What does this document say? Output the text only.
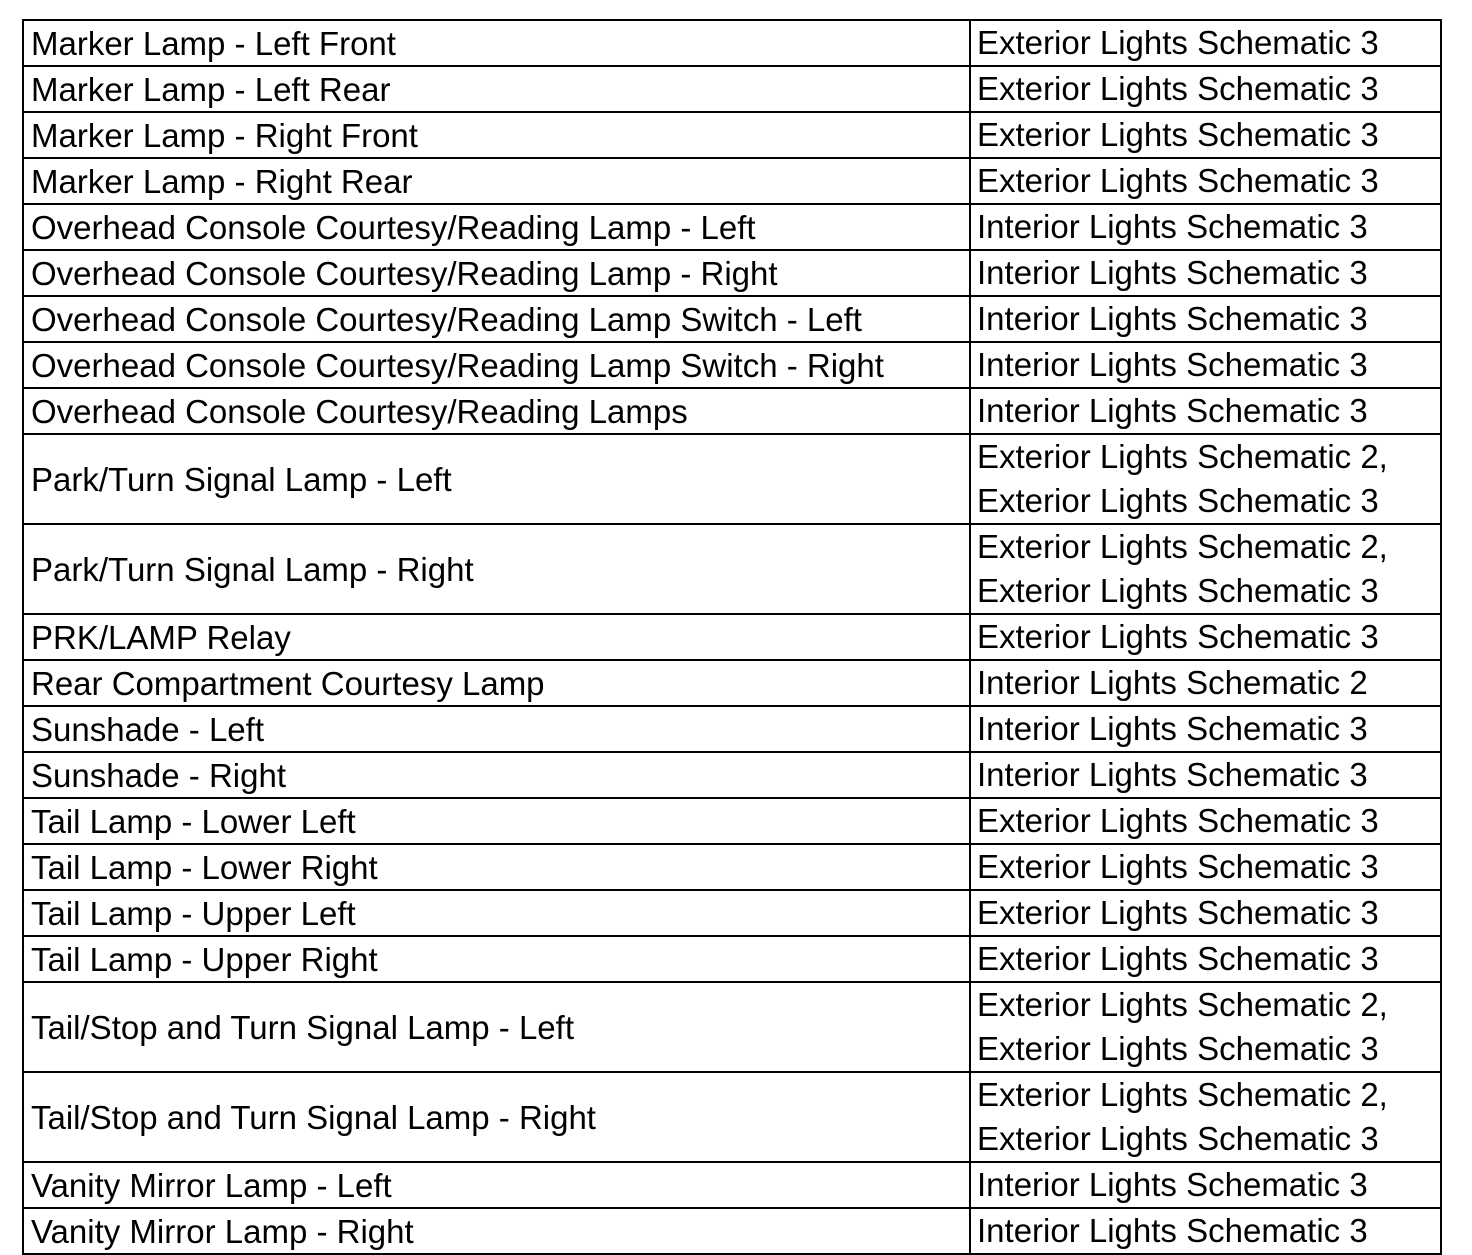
Marker Lamp - Left Front	Exterior Lights Schematic 3

Marker Lamp - Left Rear	Exterior Lights Schematic 3

Marker Lamp - Right Front	Exterior Lights Schematic 3

Marker Lamp - Right Rear	Exterior Lights Schematic 3

Overhead Console Courtesy/Reading Lamp - Left	Interior Lights Schematic 3

Overhead Console Courtesy/Reading Lamp - Right	Interior Lights Schematic 3

Overhead Console Courtesy/Reading Lamp Switch - Left	Interior Lights Schematic 3

Overhead Console Courtesy/Reading Lamp Switch - Right	Interior Lights Schematic 3

Overhead Console Courtesy/Reading Lamps	Interior Lights Schematic 3

Park/Turn Signal Lamp - Left	Exterior Lights Schematic 2,
Exterior Lights Schematic 3

Park/Turn Signal Lamp - Right	Exterior Lights Schematic 2,
Exterior Lights Schematic 3

PRK/LAMP Relay	Exterior Lights Schematic 3

Rear Compartment Courtesy Lamp	Interior Lights Schematic 2

Sunshade - Left	Interior Lights Schematic 3

Sunshade - Right	Interior Lights Schematic 3

Tail Lamp - Lower Left	Exterior Lights Schematic 3

Tail Lamp - Lower Right	Exterior Lights Schematic 3

Tail Lamp - Upper Left	Exterior Lights Schematic 3

Tail Lamp - Upper Right	Exterior Lights Schematic 3

Tail/Stop and Turn Signal Lamp - Left	Exterior Lights Schematic 2,
Exterior Lights Schematic 3

Tail/Stop and Turn Signal Lamp - Right	Exterior Lights Schematic 2,
Exterior Lights Schematic 3

Vanity Mirror Lamp - Left	Interior Lights Schematic 3

Vanity Mirror Lamp - Right	Interior Lights Schematic 3
